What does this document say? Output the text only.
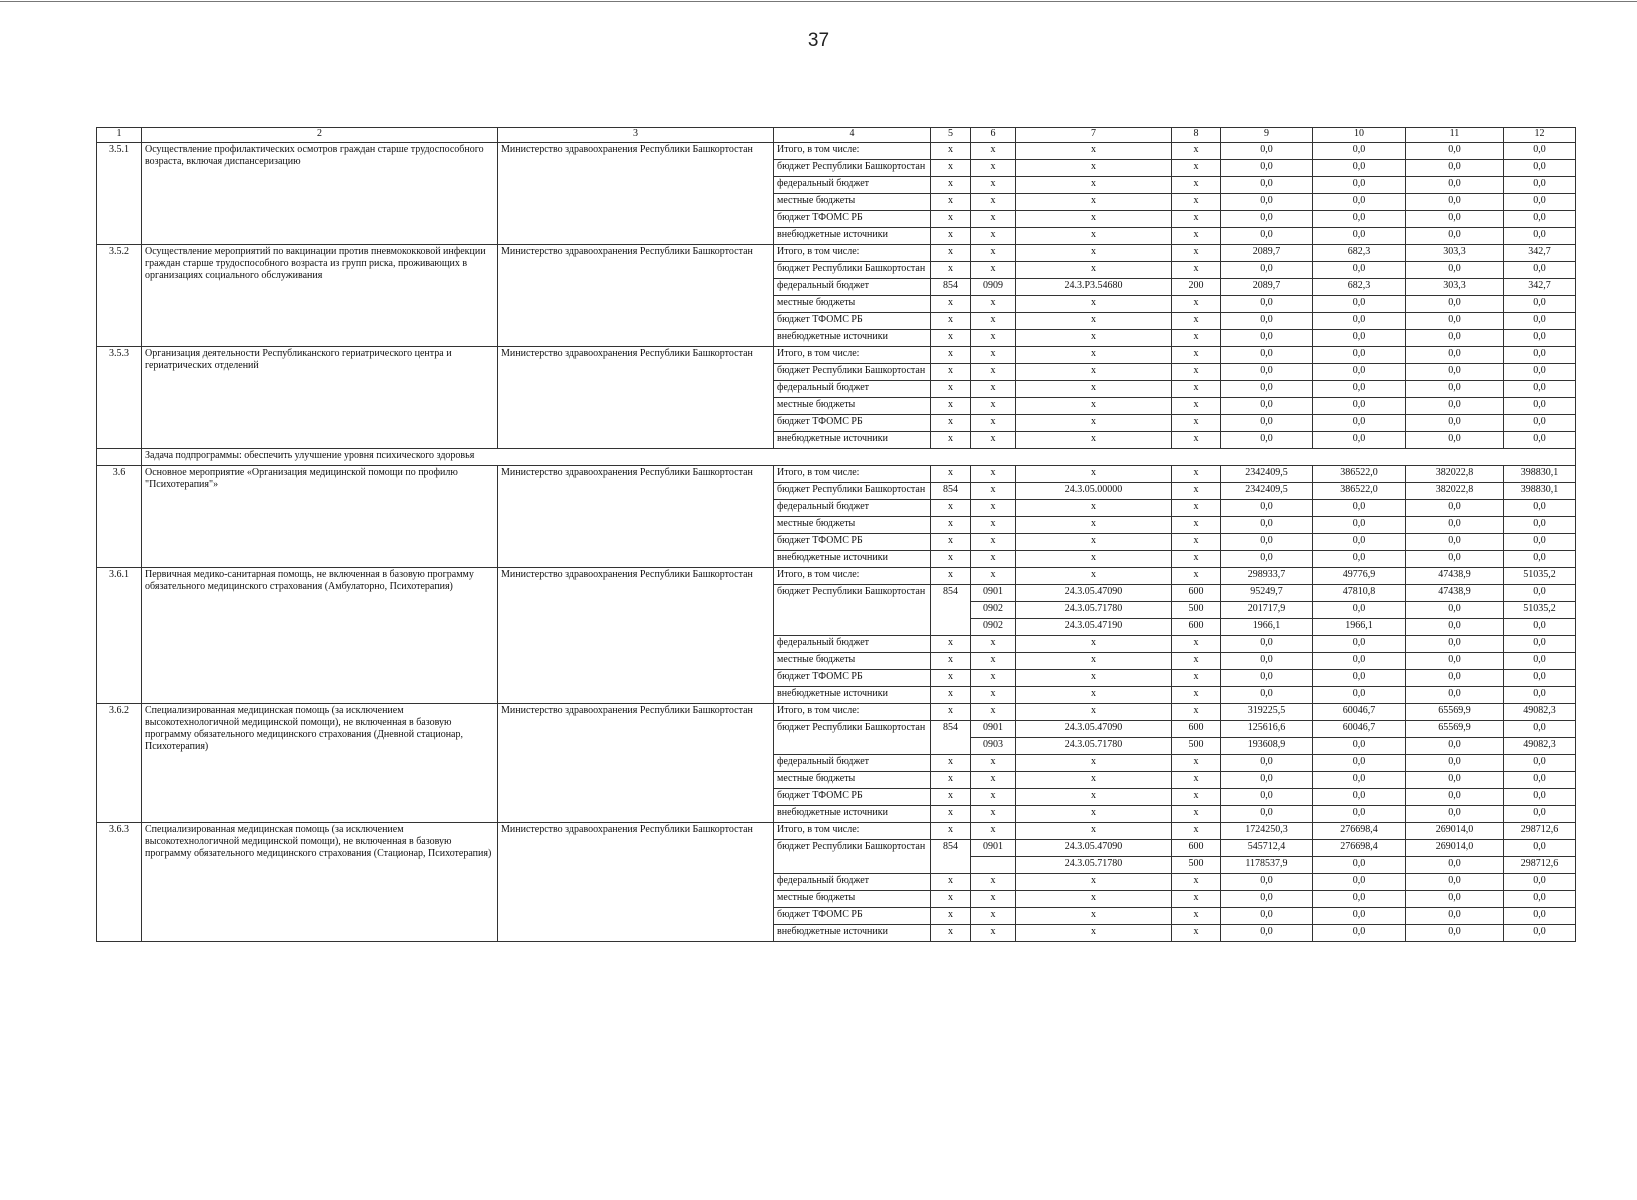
37
1	2	3	4	5	6	7	8	9	10	11	12
3.5.1	Осуществление профилактических осмотров граждан старше трудоспособного возраста, включая диспансеризацию	Министерство здравоохранения Республики Башкортостан	Итого, в том числе:	х	х	х	х	0,0	0,0	0,0	0,0
			бюджет Республики Башкортостан	х	х	х	х	0,0	0,0	0,0	0,0
			федеральный бюджет	х	х	х	х	0,0	0,0	0,0	0,0
			местные бюджеты	х	х	х	х	0,0	0,0	0,0	0,0
			бюджет ТФОМС РБ	х	х	х	х	0,0	0,0	0,0	0,0
			внебюджетные источники	х	х	х	х	0,0	0,0	0,0	0,0
3.5.2	Осуществление мероприятий по вакцинации против пневмококковой инфекции граждан старше трудоспособного возраста из групп риска, проживающих в организациях социального обслуживания	Министерство здравоохранения Республики Башкортостан	Итого, в том числе:	х	х	х	х	2089,7	682,3	303,3	342,7
			бюджет Республики Башкортостан	х	х	х	х	0,0	0,0	0,0	0,0
			федеральный бюджет	854	0909	24.3.Р3.54680	200	2089,7	682,3	303,3	342,7
			местные бюджеты	х	х	х	х	0,0	0,0	0,0	0,0
			бюджет ТФОМС РБ	х	х	х	х	0,0	0,0	0,0	0,0
			внебюджетные источники	х	х	х	х	0,0	0,0	0,0	0,0
3.5.3	Организация деятельности Республиканского гериатрического центра и гериатрических отделений	Министерство здравоохранения Республики Башкортостан	Итого, в том числе:	х	х	х	х	0,0	0,0	0,0	0,0
			бюджет Республики Башкортостан	х	х	х	х	0,0	0,0	0,0	0,0
			федеральный бюджет	х	х	х	х	0,0	0,0	0,0	0,0
			местные бюджеты	х	х	х	х	0,0	0,0	0,0	0,0
			бюджет ТФОМС РБ	х	х	х	х	0,0	0,0	0,0	0,0
			внебюджетные источники	х	х	х	х	0,0	0,0	0,0	0,0
	Задача подпрограммы: обеспечить улучшение уровня психического здоровья										
3.6	Основное мероприятие «Организация медицинской помощи по профилю "Психотерапия"»	Министерство здравоохранения Республики Башкортостан	Итого, в том числе:	х	х	х	х	2342409,5	386522,0	382022,8	398830,1
			бюджет Республики Башкортостан	854	х	24.3.05.00000	х	2342409,5	386522,0	382022,8	398830,1
			федеральный бюджет	х	х	х	х	0,0	0,0	0,0	0,0
			местные бюджеты	х	х	х	х	0,0	0,0	0,0	0,0
			бюджет ТФОМС РБ	х	х	х	х	0,0	0,0	0,0	0,0
			внебюджетные источники	х	х	х	х	0,0	0,0	0,0	0,0
3.6.1	Первичная медико-санитарная помощь, не включенная в базовую программу обязательного медицинского страхования (Амбулаторно, Психотерапия)	Министерство здравоохранения Республики Башкортостан	Итого, в том числе:	х	х	х	х	298933,7	49776,9	47438,9	51035,2
			бюджет Республики Башкортостан	854	0901	24.3.05.47090	600	95249,7	47810,8	47438,9	0,0
					0902	24.3.05.71780	500	201717,9	0,0	0,0	51035,2
					0902	24.3.05.47190	600	1966,1	1966,1	0,0	0,0
			федеральный бюджет	х	х	х	х	0,0	0,0	0,0	0,0
			местные бюджеты	х	х	х	х	0,0	0,0	0,0	0,0
			бюджет ТФОМС РБ	х	х	х	х	0,0	0,0	0,0	0,0
			внебюджетные источники	х	х	х	х	0,0	0,0	0,0	0,0
3.6.2	Специализированная медицинская помощь (за исключением высокотехнологичной медицинской помощи), не включенная в базовую программу обязательного медицинского страхования (Дневной стационар, Психотерапия)	Министерство здравоохранения Республики Башкортостан	Итого, в том числе:	х	х	х	х	319225,5	60046,7	65569,9	49082,3
			бюджет Республики Башкортостан	854	0901	24.3.05.47090	600	125616,6	60046,7	65569,9	0,0
					0903	24.3.05.71780	500	193608,9	0,0	0,0	49082,3
			федеральный бюджет	х	х	х	х	0,0	0,0	0,0	0,0
			местные бюджеты	х	х	х	х	0,0	0,0	0,0	0,0
			бюджет ТФОМС РБ	х	х	х	х	0,0	0,0	0,0	0,0
			внебюджетные источники	х	х	х	х	0,0	0,0	0,0	0,0
3.6.3	Специализированная медицинская помощь (за исключением высокотехнологичной медицинской помощи), не включенная в базовую программу обязательного медицинского страхования (Стационар, Психотерапия)	Министерство здравоохранения Республики Башкортостан	Итого, в том числе:	х	х	х	х	1724250,3	276698,4	269014,0	298712,6
			бюджет Республики Башкортостан	854	0901	24.3.05.47090	600	545712,4	276698,4	269014,0	0,0
						24.3.05.71780	500	1178537,9	0,0	0,0	298712,6
			федеральный бюджет	х	х	х	х	0,0	0,0	0,0	0,0
			местные бюджеты	х	х	х	х	0,0	0,0	0,0	0,0
			бюджет ТФОМС РБ	х	х	х	х	0,0	0,0	0,0	0,0
			внебюджетные источники	х	х	х	х	0,0	0,0	0,0	0,0
